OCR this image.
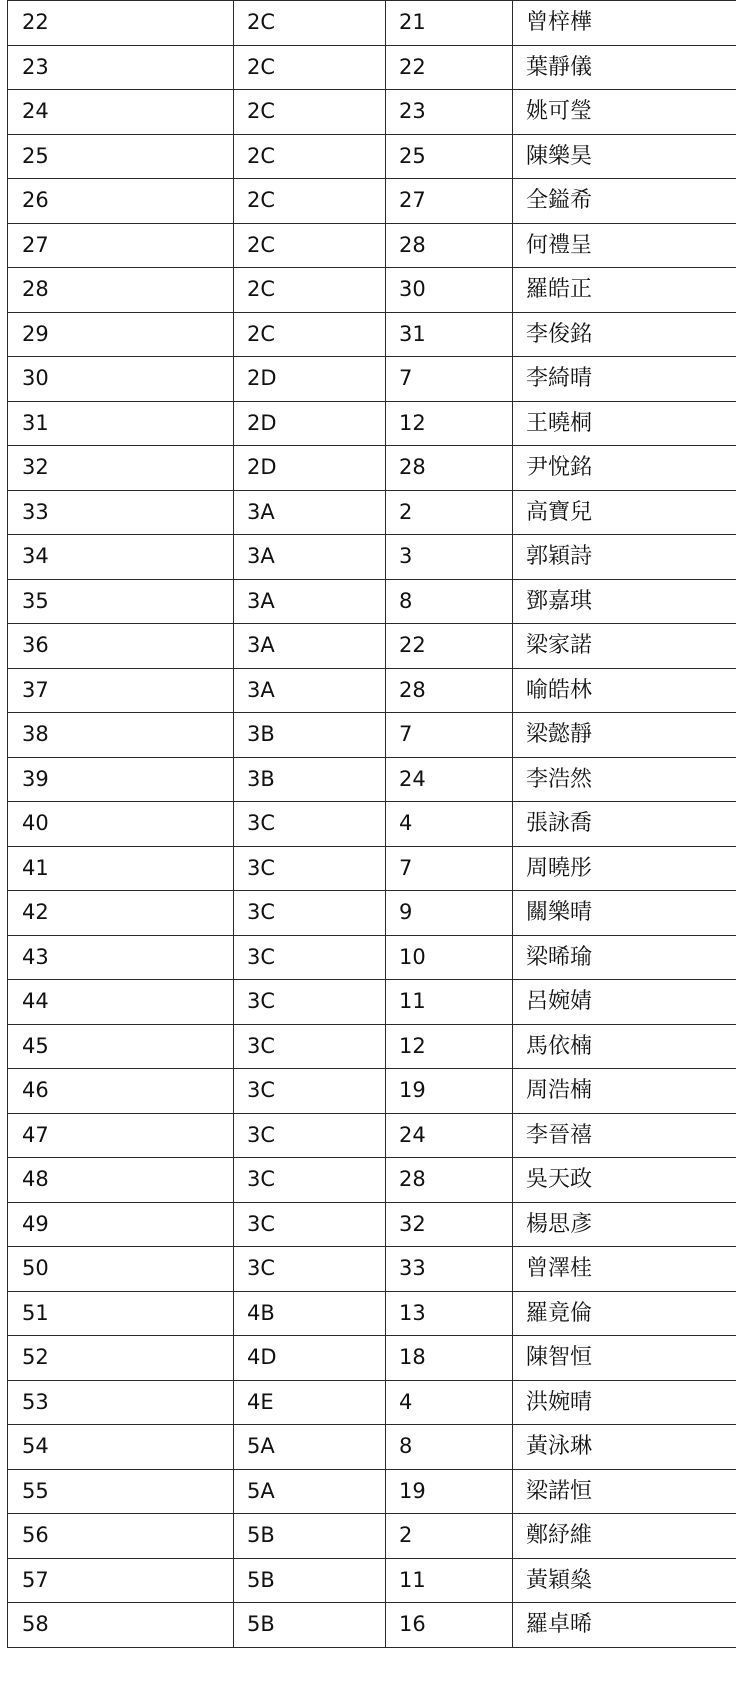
22	2C	21	曾梓樺
23	2C	22	葉靜儀
24	2C	23	姚可瑩
25	2C	25	陳樂昊
26	2C	27	全鎰希
27	2C	28	何禮呈
28	2C	30	羅皓正
29	2C	31	李俊銘
30	2D	7	李綺晴
31	2D	12	王曉桐
32	2D	28	尹悅銘
33	3A	2	高寶兒
34	3A	3	郭穎詩
35	3A	8	鄧嘉琪
36	3A	22	梁家諾
37	3A	28	喻皓林
38	3B	7	梁懿靜
39	3B	24	李浩然
40	3C	4	張詠喬
41	3C	7	周曉彤
42	3C	9	關樂晴
43	3C	10	梁晞瑜
44	3C	11	呂婉婧
45	3C	12	馬依楠
46	3C	19	周浩楠
47	3C	24	李晉禧
48	3C	28	吳天政
49	3C	32	楊思彥
50	3C	33	曾澤桂
51	4B	13	羅竟倫
52	4D	18	陳智恒
53	4E	4	洪婉晴
54	5A	8	黃泳琳
55	5A	19	梁諾恒
56	5B	2	鄭紓維
57	5B	11	黃穎燊
58	5B	16	羅卓晞
